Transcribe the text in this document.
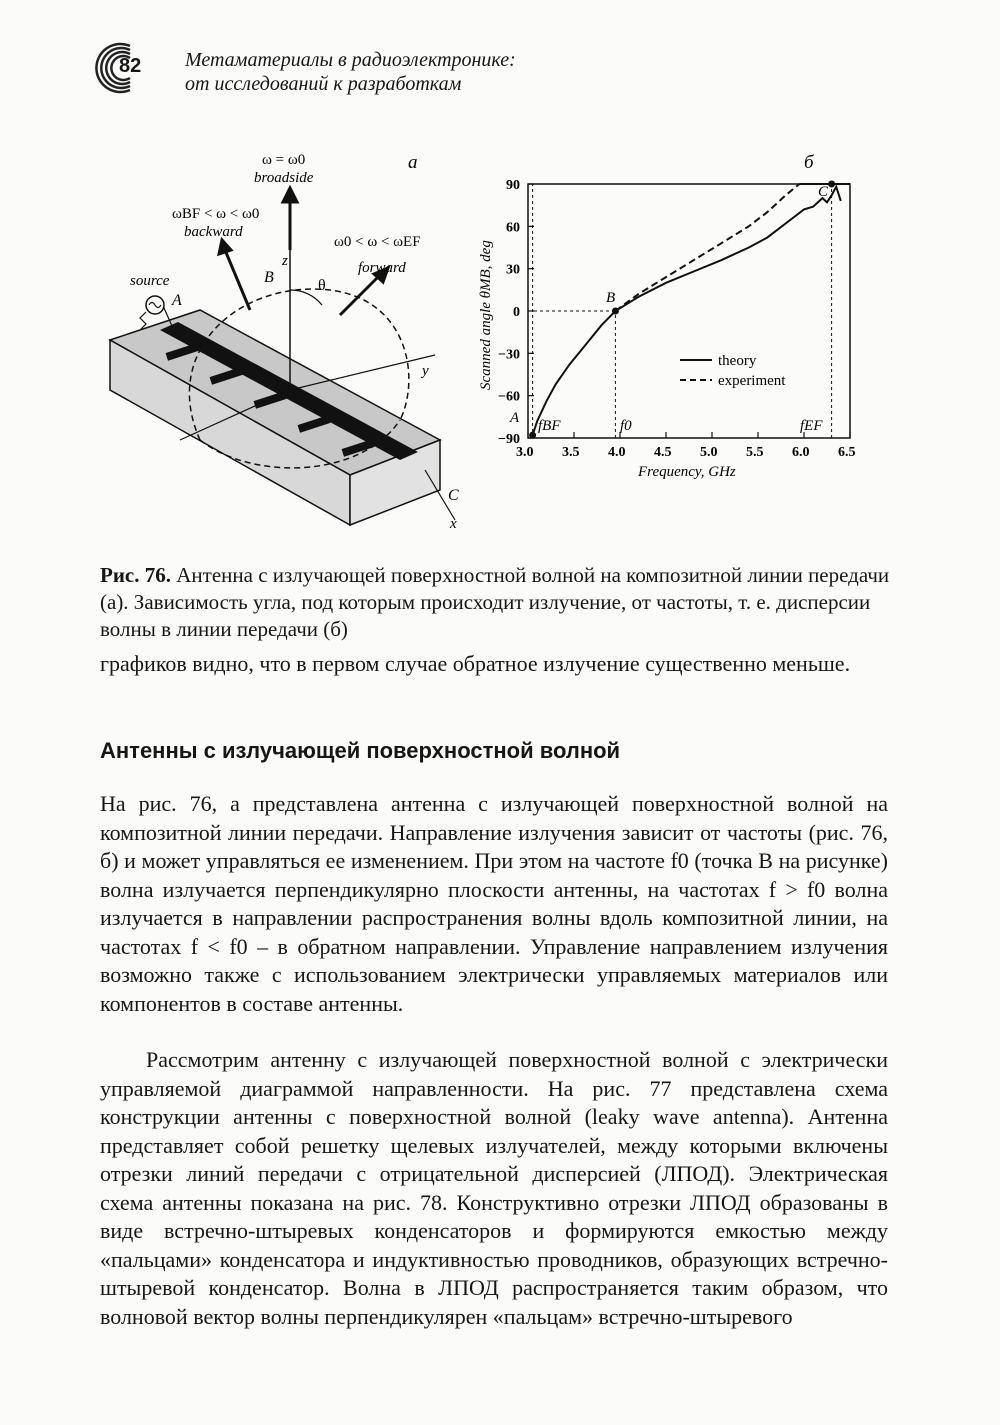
82 Метаматериалы в радиоэлектронике:
от исследований к разработкам
а
ω = ω0
broadside
ωBF < ω < ω0
backward
ω0 < ω < ωEF
forward
source
A
B
C
z
y
x
θ
б
3.0 3.5 4.0 4.5 5.0 5.5 6.0 6.5
−90
−60
−30
0
30
60
90
Scanned angle θMB, deg
Frequency, GHz
theory
experiment
fBF	f0	fEF
A
B
C
Рис. 76. Антенна с излучающей поверхностной волной на композитной линии передачи (а). Зависимость угла, под которым происходит излучение, от частоты, т. е. дисперсии волны в линии передачи (б)
графиков видно, что в первом случае обратное излучение существенно меньше.
Антенны с излучающей поверхностной волной
На рис. 76, а представлена антенна с излучающей поверхностной волной на композитной линии передачи. Направление излучения зависит от частоты (рис. 76, б) и может управляться ее изменением. При этом на частоте f0 (точка В на рисунке) волна излучается перпендикулярно плоскости антенны, на частотах f > f0 волна излучается в направлении распространения волны вдоль композитной линии, на частотах f < f0 – в обратном направлении. Управление направлением излучения возможно также с использованием электрически управляемых материалов или компонентов в составе антенны.
Рассмотрим антенну с излучающей поверхностной волной с электрически управляемой диаграммой направленности. На рис. 77 представлена схема конструкции антенны с поверхностной волной (leaky wave antenna). Антенна представляет собой решетку щелевых излучателей, между которыми включены отрезки линий передачи с отрицательной дисперсией (ЛПОД). Электрическая схема антенны показана на рис. 78. Конструктивно отрезки ЛПОД образованы в виде встречно-штыревых конденсаторов и формируются емкостью между «пальцами» конденсатора и индуктивностью проводников, образующих встречно-штыревой конденсатор. Волна в ЛПОД распространяется таким образом, что волновой вектор волны перпендикулярен «пальцам» встречно-штыревого
